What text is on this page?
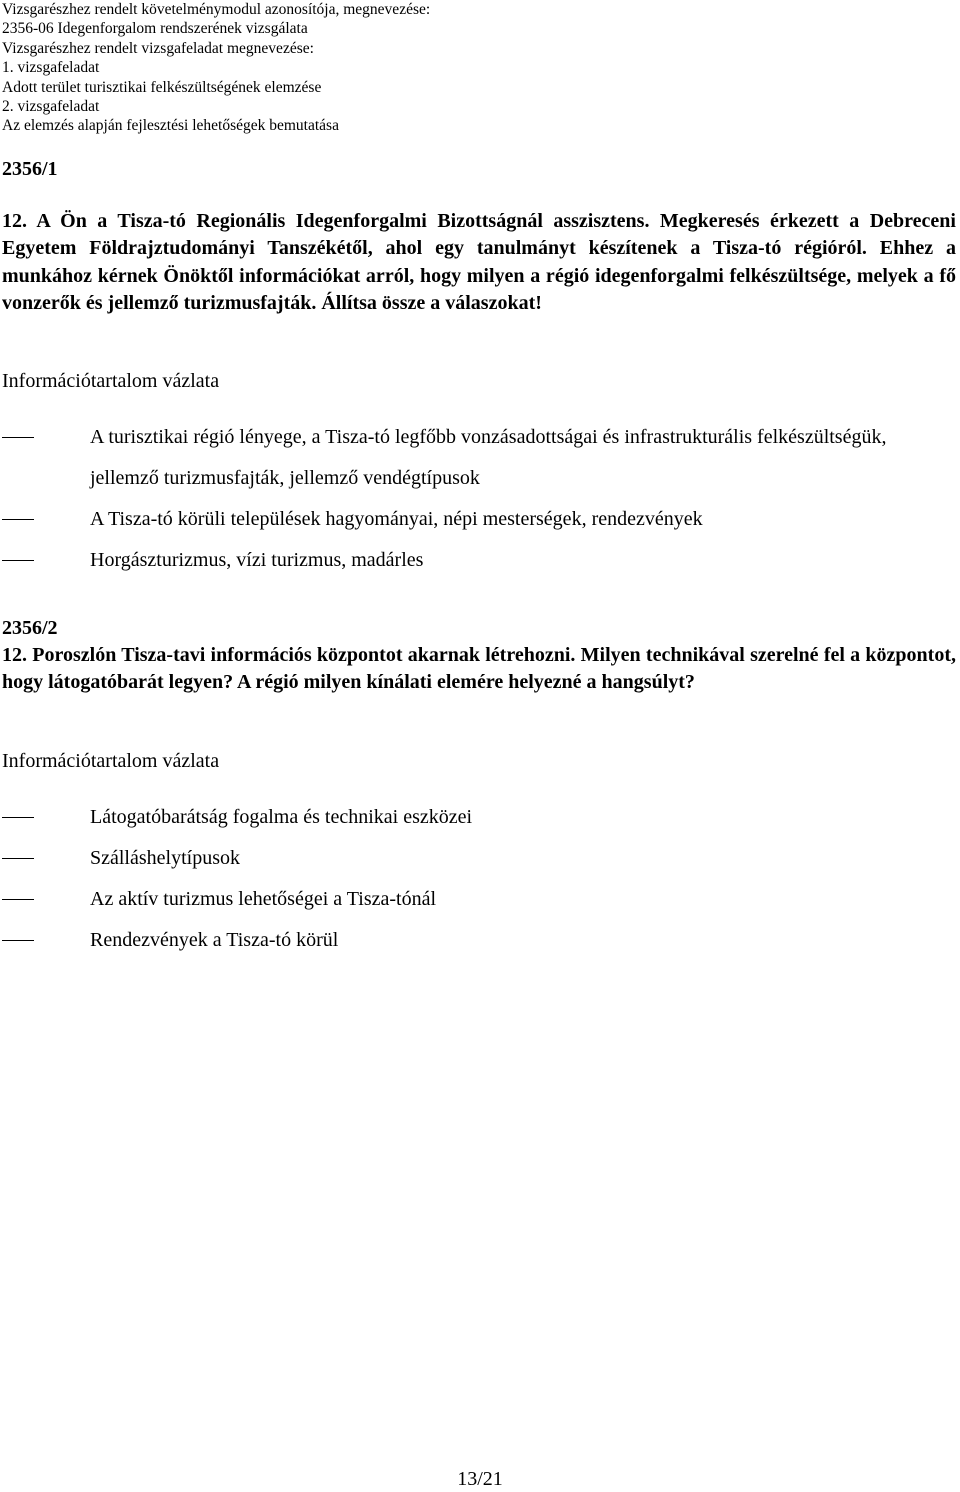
Vizsgarészhez rendelt követelménymodul azonosítója, megnevezése:
2356-06 Idegenforgalom rendszerének vizsgálata
Vizsgarészhez rendelt vizsgafeladat megnevezése:
1. vizsgafeladat
Adott terület turisztikai felkészültségének elemzése
2. vizsgafeladat
Az elemzés alapján fejlesztési lehetőségek bemutatása
2356/1
12. A Ön a Tisza-tó Regionális Idegenforgalmi Bizottságnál asszisztens. Megkeresés érkezett a Debreceni Egyetem Földrajztudományi Tanszékétől, ahol egy tanulmányt készítenek a Tisza-tó régióról. Ehhez a munkához kérnek Önöktől információkat arról, hogy milyen a régió idegenforgalmi felkészültsége, melyek a fő vonzerők és jellemző turizmusfajták. Állítsa össze a válaszokat!
Információtartalom vázlata
A turisztikai régió lényege, a Tisza-tó legfőbb vonzásadottságai és infrastrukturális felkészültségük, jellemző turizmusfajták, jellemző vendégtípusok
A Tisza-tó körüli települések hagyományai, népi mesterségek, rendezvények
Horgászturizmus, vízi turizmus, madárles
2356/2
12. Poroszlón Tisza-tavi információs központot akarnak létrehozni. Milyen technikával szerelné fel a központot, hogy látogatóbarát legyen? A régió milyen kínálati elemére helyezné a hangsúlyt?
Információtartalom vázlata
Látogatóbarátság fogalma és technikai eszközei
Szálláshelytípusok
Az aktív turizmus lehetőségei a Tisza-tónál
Rendezvények a Tisza-tó körül
13/21
